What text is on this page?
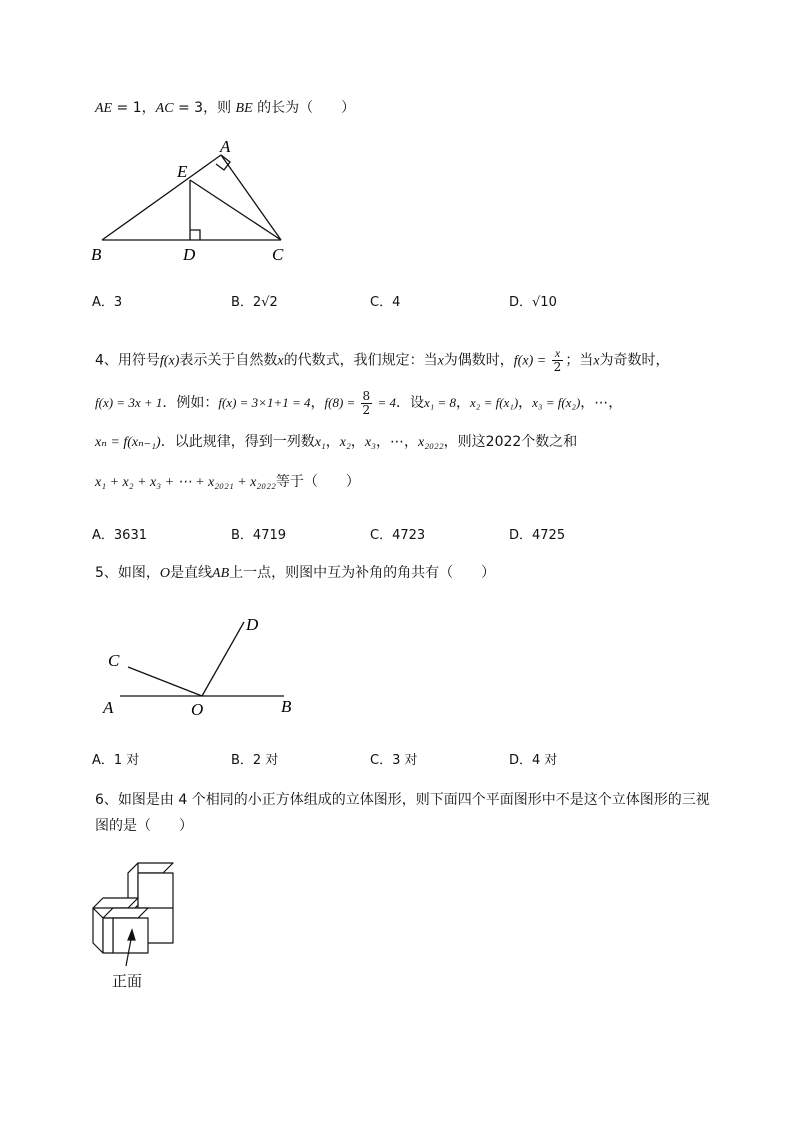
AE = 1，AC = 3，则 BE 的长为（　　）
A
E
B	D	C
A．3	B．2√2	C．4	D．√10
4、用符号f(x)表示关于自然数x的代数式，我们规定：当x为偶数时，$f(x) = \frac{x}{2}$ ；当x为奇数时，
f(x) = 3x + 1．例如：f(x) = 3×1+1 = 4，$f(8) = \frac{8}{2} = 4$．设x₁ = 8，x₂ = f(x₁)，x₃ = f(x₂)，⋯，
xₙ = f(xₙ₋₁)．以此规律，得到一列数x₁，x₂，x₃，⋯，x₂₀₂₂，则这2022个数之和
x₁ + x₂ + x₃ + ⋯ + x₂₀₂₁ + x₂₀₂₂等于（　　）
A．3631	B．4719	C．4723	D．4725
5、如图，O是直线AB上一点，则图中互为补角的角共有（　　）
D
C
A	O	B
A．1 对	B．2 对	C．3 对	D．4 对
6、如图是由 4 个相同的小正方体组成的立体图形，则下面四个平面图形中不是这个立体图形的三视
图的是（　　）
正面
